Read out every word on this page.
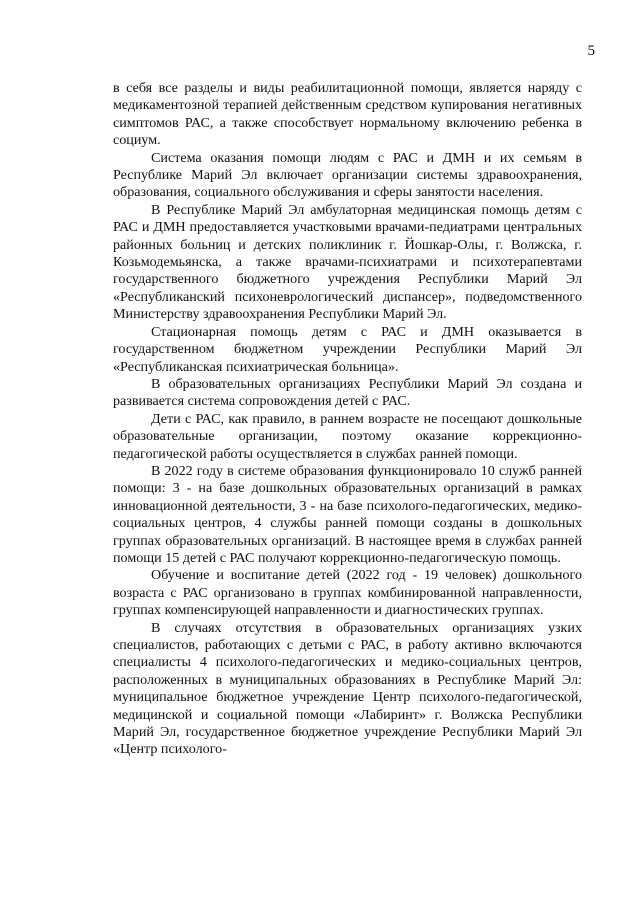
5

в себя все разделы и виды реабилитационной помощи, является наряду с медикаментозной терапией действенным средством купирования негативных симптомов РАС, а также способствует нормальному включению ребенка в социум.

Система оказания помощи людям с РАС и ДМН и их семьям в Республике Марий Эл включает организации системы здравоохранения, образования, социального обслуживания и сферы занятости населения.

В Республике Марий Эл амбулаторная медицинская помощь детям с РАС и ДМН предоставляется участковыми врачами-педиатрами центральных районных больниц и детских поликлиник г. Йошкар-Олы, г. Волжска, г. Козьмодемьянска, а также врачами-психиатрами и психотерапевтами государственного бюджетного учреждения Республики Марий Эл «Республиканский психоневрологический диспансер», подведомственного Министерству здравоохранения Республики Марий Эл.

Стационарная помощь детям с РАС и ДМН оказывается в государственном бюджетном учреждении Республики Марий Эл «Республиканская психиатрическая больница».

В образовательных организациях Республики Марий Эл создана и развивается система сопровождения детей с РАС.

Дети с РАС, как правило, в раннем возрасте не посещают дошкольные образовательные организации, поэтому оказание коррекционно-педагогической работы осуществляется в службах ранней помощи.

В 2022 году в системе образования функционировало 10 служб ранней помощи: 3 - на базе дошкольных образовательных организаций в рамках инновационной деятельности, 3 - на базе психолого-педагогических, медико-социальных центров, 4 службы ранней помощи созданы в дошкольных группах образовательных организаций. В настоящее время в службах ранней помощи 15 детей с РАС получают коррекционно-педагогическую помощь.

Обучение и воспитание детей (2022 год - 19 человек) дошкольного возраста с РАС организовано в группах комбинированной направленности, группах компенсирующей направленности и диагностических группах.

В случаях отсутствия в образовательных организациях узких специалистов, работающих с детьми с РАС, в работу активно включаются специалисты 4 психолого-педагогических и медико-социальных центров, расположенных в муниципальных образованиях в Республике Марий Эл: муниципальное бюджетное учреждение Центр психолого-педагогической, медицинской и социальной помощи «Лабиринт» г. Волжска Республики Марий Эл, государственное бюджетное учреждение Республики Марий Эл «Центр психолого-
